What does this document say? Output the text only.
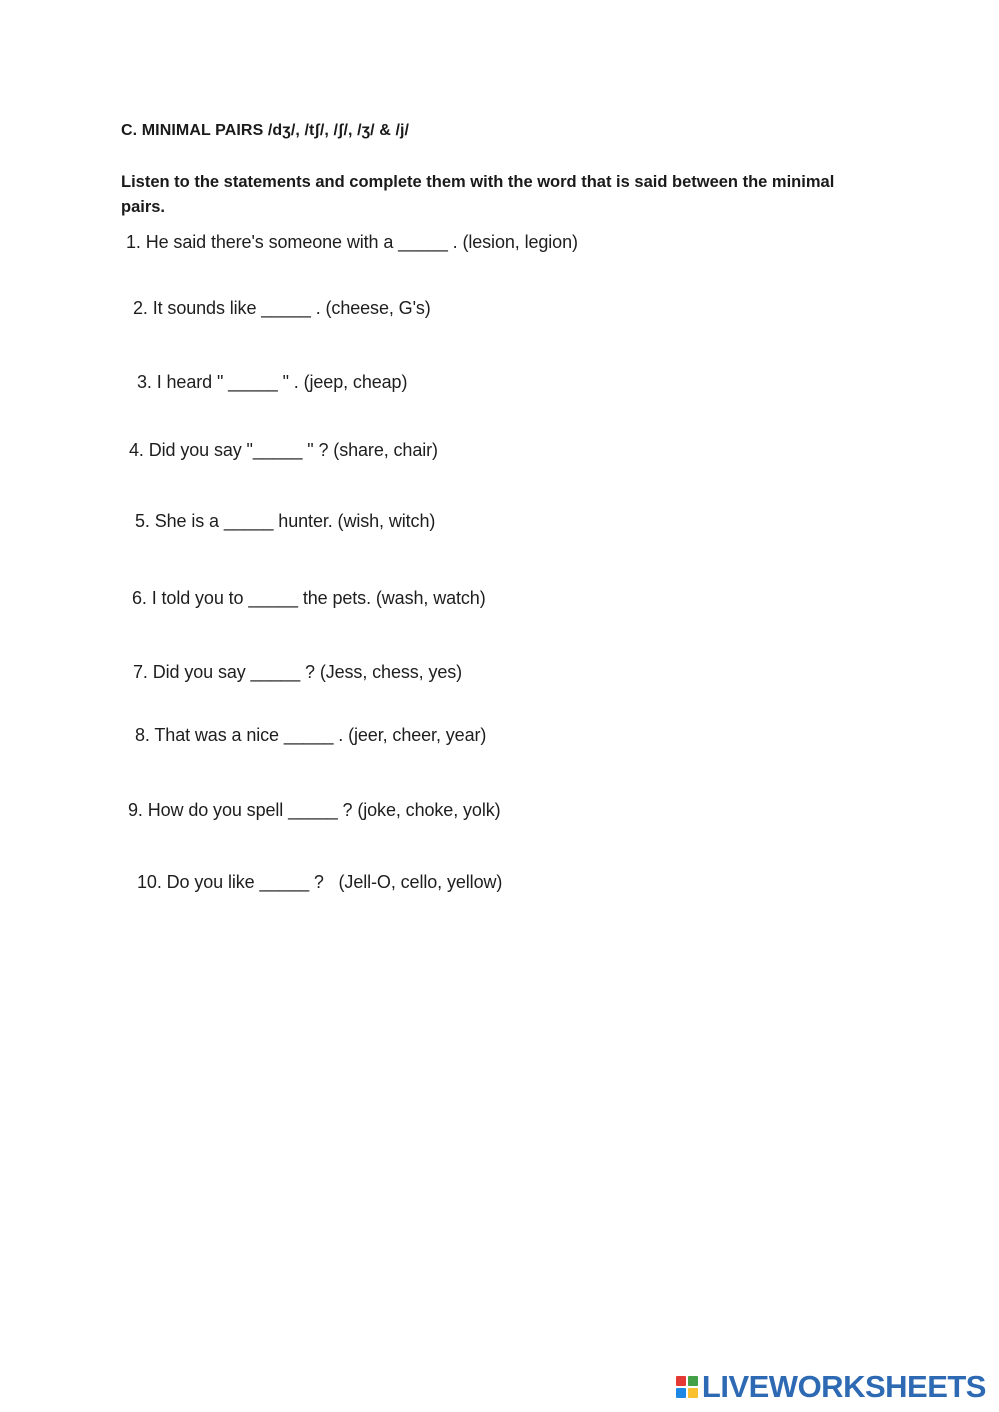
C. MINIMAL PAIRS /dʒ/, /tʃ/, /ʃ/, /ʒ/ & /j/
Listen to the statements and complete them with the word that is said between the minimal pairs.
1. He said there's someone with a _____ . (lesion, legion)
2. It sounds like _____ . (cheese, G's)
3. I heard " _____ " . (jeep, cheap)
4. Did you say "_____ " ? (share, chair)
5. She is a _____ hunter. (wish, witch)
6. I told you to _____ the pets. (wash, watch)
7. Did you say _____ ? (Jess, chess, yes)
8. That was a nice _____ . (jeer, cheer, year)
9. How do you spell _____ ? (joke, choke, yolk)
10. Do you like _____ ?   (Jell-O, cello, yellow)
LIVEWORKSHEETS
